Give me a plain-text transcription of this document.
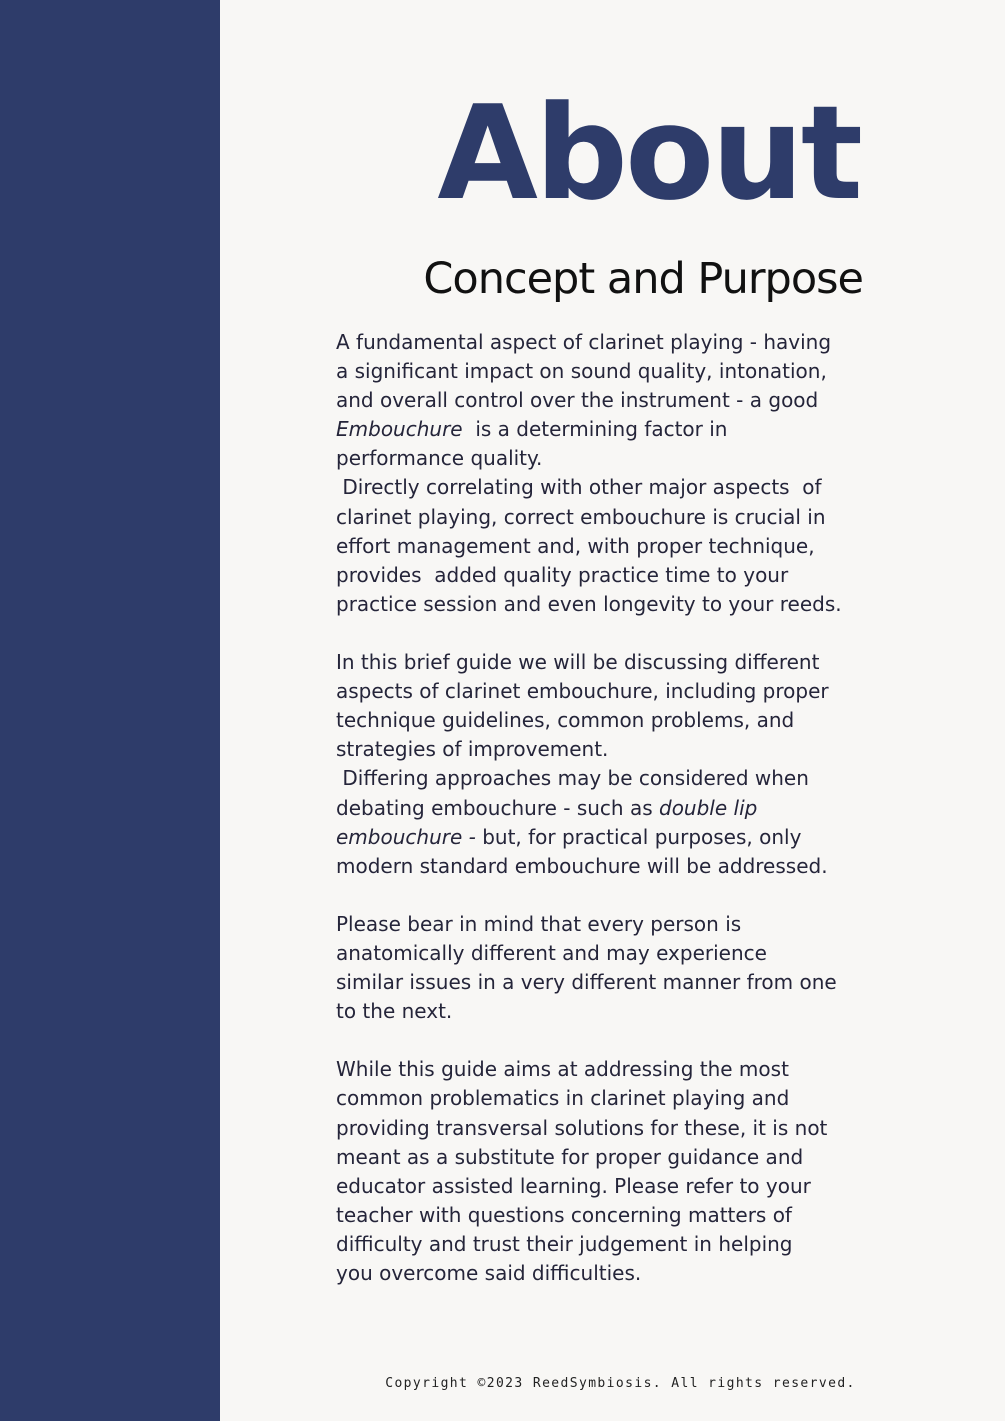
About
Concept and Purpose
A fundamental aspect of clarinet playing - having
a significant impact on sound quality, intonation,
and overall control over the instrument - a good
Embouchure  is a determining factor in
performance quality.
Directly correlating with other major aspects  of
clarinet playing, correct embouchure is crucial in
effort management and, with proper technique,
provides  added quality practice time to your
practice session and even longevity to your reeds.
In this brief guide we will be discussing different
aspects of clarinet embouchure, including proper
technique guidelines, common problems, and
strategies of improvement.
Differing approaches may be considered when
debating embouchure - such as double lip
embouchure - but, for practical purposes, only
modern standard embouchure will be addressed.
Please bear in mind that every person is
anatomically different and may experience
similar issues in a very different manner from one
to the next.
While this guide aims at addressing the most
common problematics in clarinet playing and
providing transversal solutions for these, it is not
meant as a substitute for proper guidance and
educator assisted learning. Please refer to your
teacher with questions concerning matters of
difficulty and trust their judgement in helping
you overcome said difficulties.
Copyright ©2023 ReedSymbiosis. All rights reserved.
